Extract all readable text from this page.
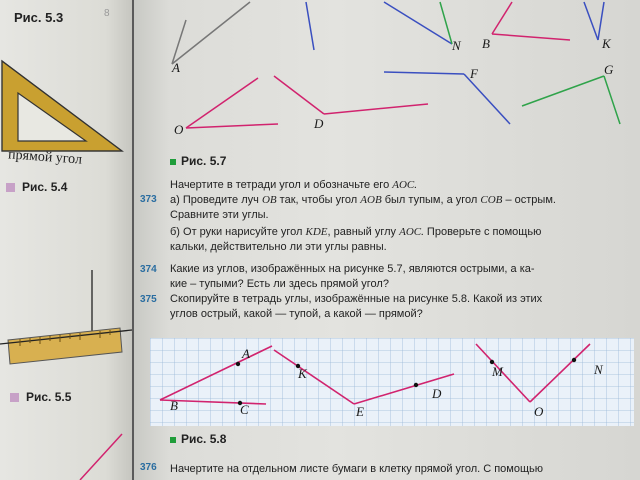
Рис. 5.3	8
прямой угол
Рис. 5.4
Рис. 5.5
A
N B	K
F	G
O	D
Рис. 5.7
373
Начертите в тетради угол и обозначьте его AOC.
а) Проведите луч OB так, чтобы угол AOB был тупым, а угол COB – острым.
Сравните эти углы.
б) От руки нарисуйте угол KDE, равный углу AOC. Проверьте с помощью
кальки, действительно ли эти углы равны.
374 Какие из углов, изображённых на рисунке 5.7, являются острыми, а ка-
кие – тупыми? Есть ли здесь прямой угол?
375 Скопируйте в тетрадь углы, изображённые на рисунке 5.8. Какой из этих
углов острый, какой — тупой, а какой — прямой?
A
B	C
K
E
D
M	N
O
Рис. 5.8
376 Начертите на отдельном листе бумаги в клетку прямой угол. С помощью
